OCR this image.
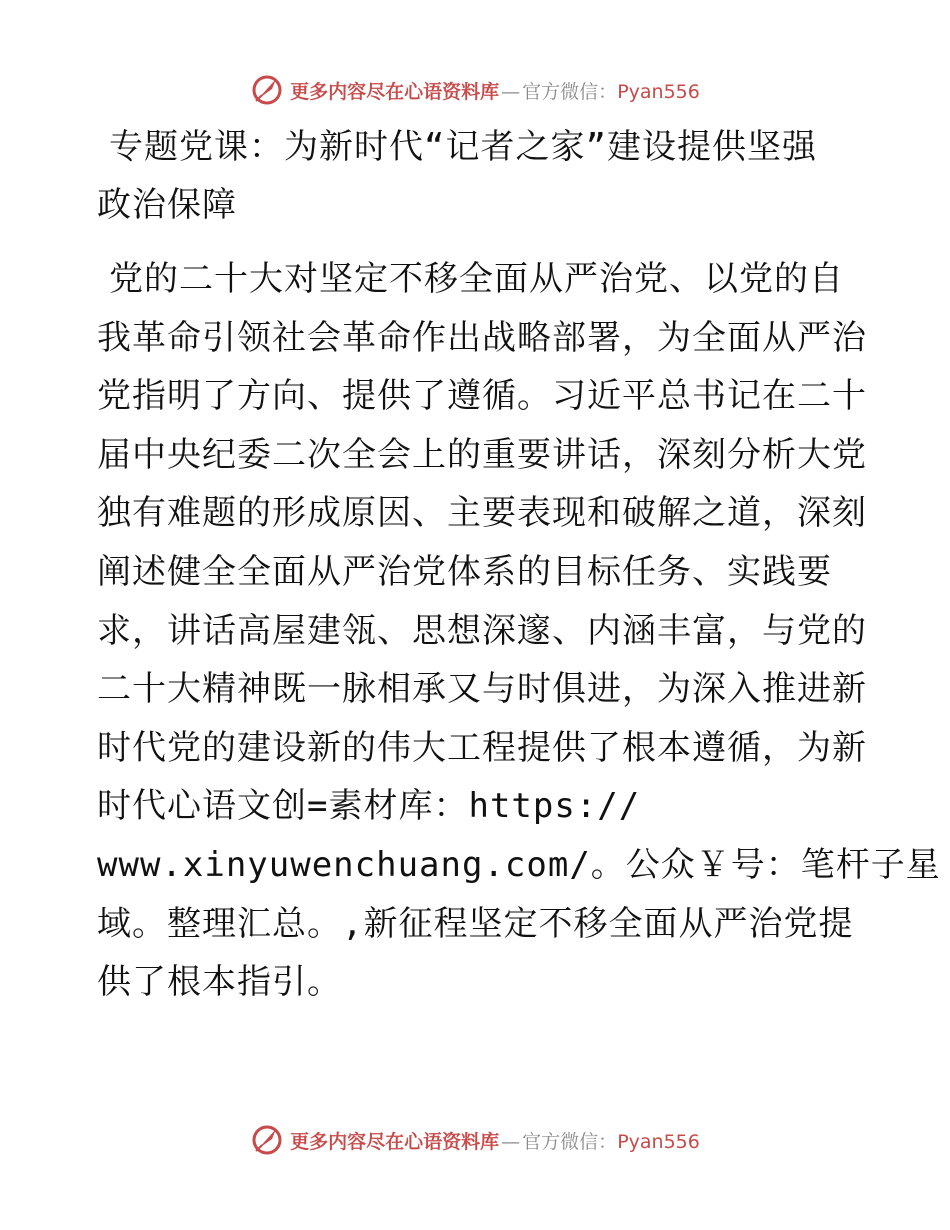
更多内容尽在心语资料库 — 官方微信：Pyan556
专题党课：为新时代“记者之家”建设提供坚强
政治保障
党的二十大对坚定不移全面从严治党、以党的自
我革命引领社会革命作出战略部署，为全面从严治
党指明了方向、提供了遵循。习近平总书记在二十
届中央纪委二次全会上的重要讲话，深刻分析大党
独有难题的形成原因、主要表现和破解之道，深刻
阐述健全全面从严治党体系的目标任务、实践要
求，讲话高屋建瓴、思想深邃、内涵丰富，与党的
二十大精神既一脉相承又与时俱进，为深入推进新
时代党的建设新的伟大工程提供了根本遵循，为新
时代心语文创=素材库：https://
www.xinyuwenchuang.com/。公众￥号：笔杆子星
域。整理汇总。,新征程坚定不移全面从严治党提
供了根本指引。
更多内容尽在心语资料库 — 官方微信：Pyan556
